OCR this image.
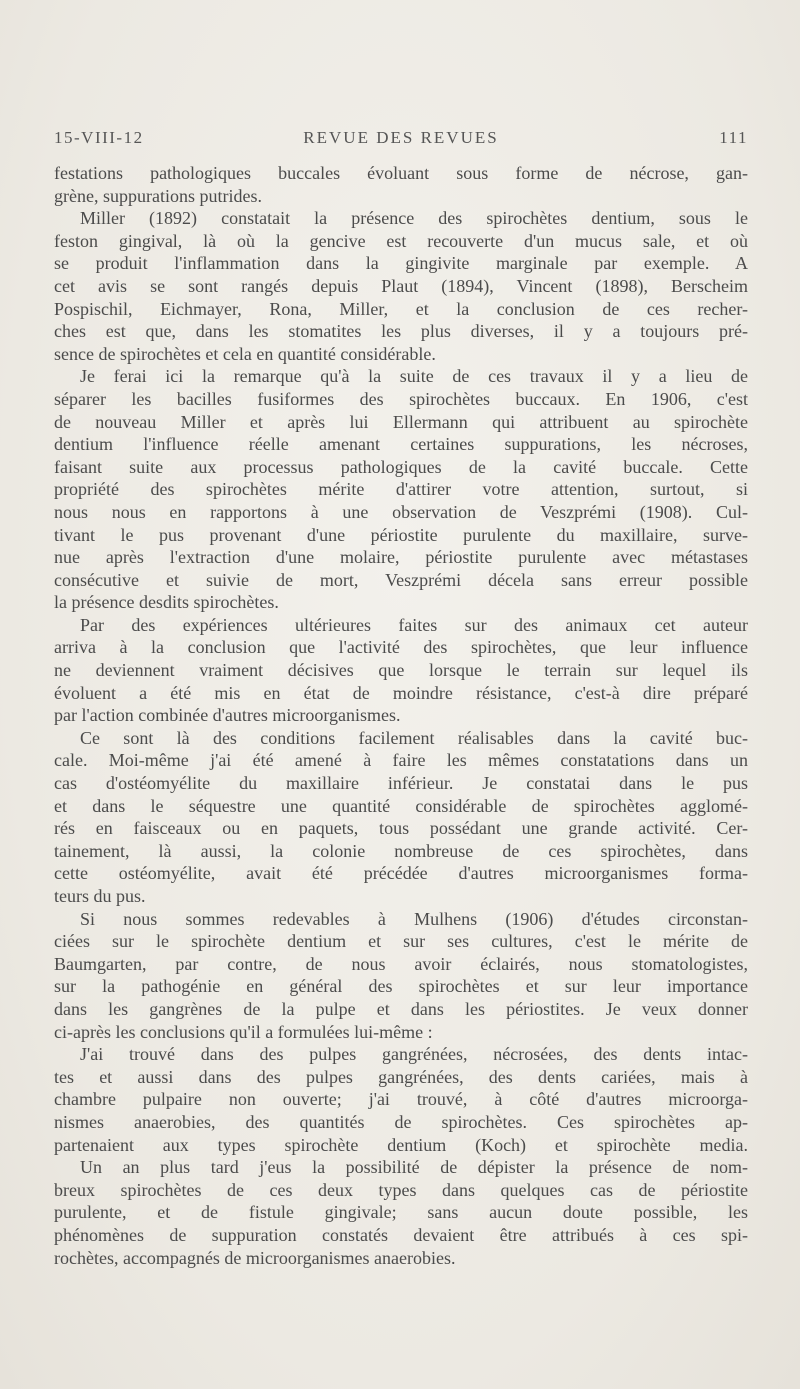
15-VIII-12	REVUE DES REVUES	111
festations pathologiques buccales évoluant sous forme de nécrose, gan-
grène, suppurations putrides.
Miller (1892) constatait la présence des spirochètes dentium, sous le
feston gingival, là où la gencive est recouverte d'un mucus sale, et où
se produit l'inflammation dans la gingivite marginale par exemple. A
cet avis se sont rangés depuis Plaut (1894), Vincent (1898), Berscheim
Pospischil, Eichmayer, Rona, Miller, et la conclusion de ces recher-
ches est que, dans les stomatites les plus diverses, il y a toujours pré-
sence de spirochètes et cela en quantité considérable.
Je ferai ici la remarque qu'à la suite de ces travaux il y a lieu de
séparer les bacilles fusiformes des spirochètes buccaux. En 1906, c'est
de nouveau Miller et après lui Ellermann qui attribuent au spirochète
dentium l'influence réelle amenant certaines suppurations, les nécroses,
faisant suite aux processus pathologiques de la cavité buccale. Cette
propriété des spirochètes mérite d'attirer votre attention, surtout, si
nous nous en rapportons à une observation de Veszprémi (1908). Cul-
tivant le pus provenant d'une périostite purulente du maxillaire, surve-
nue après l'extraction d'une molaire, périostite purulente avec métastases
consécutive et suivie de mort, Veszprémi décela sans erreur possible
la présence desdits spirochètes.
Par des expériences ultérieures faites sur des animaux cet auteur
arriva à la conclusion que l'activité des spirochètes, que leur influence
ne deviennent vraiment décisives que lorsque le terrain sur lequel ils
évoluent a été mis en état de moindre résistance, c'est-à dire préparé
par l'action combinée d'autres microorganismes.
Ce sont là des conditions facilement réalisables dans la cavité buc-
cale. Moi-même j'ai été amené à faire les mêmes constatations dans un
cas d'ostéomyélite du maxillaire inférieur. Je constatai dans le pus
et dans le séquestre une quantité considérable de spirochètes agglomé-
rés en faisceaux ou en paquets, tous possédant une grande activité. Cer-
tainement, là aussi, la colonie nombreuse de ces spirochètes, dans
cette ostéomyélite, avait été précédée d'autres microorganismes forma-
teurs du pus.
Si nous sommes redevables à Mulhens (1906) d'études circonstan-
ciées sur le spirochète dentium et sur ses cultures, c'est le mérite de
Baumgarten, par contre, de nous avoir éclairés, nous stomatologistes,
sur la pathogénie en général des spirochètes et sur leur importance
dans les gangrènes de la pulpe et dans les périostites. Je veux donner
ci-après les conclusions qu'il a formulées lui-même :
J'ai trouvé dans des pulpes gangrénées, nécrosées, des dents intac-
tes et aussi dans des pulpes gangrénées, des dents cariées, mais à
chambre pulpaire non ouverte; j'ai trouvé, à côté d'autres microorga-
nismes anaerobies, des quantités de spirochètes. Ces spirochètes ap-
partenaient aux types spirochète dentium (Koch) et spirochète media.
Un an plus tard j'eus la possibilité de dépister la présence de nom-
breux spirochètes de ces deux types dans quelques cas de périostite
purulente, et de fistule gingivale; sans aucun doute possible, les
phénomènes de suppuration constatés devaient être attribués à ces spi-
rochètes, accompagnés de microorganismes anaerobies.
